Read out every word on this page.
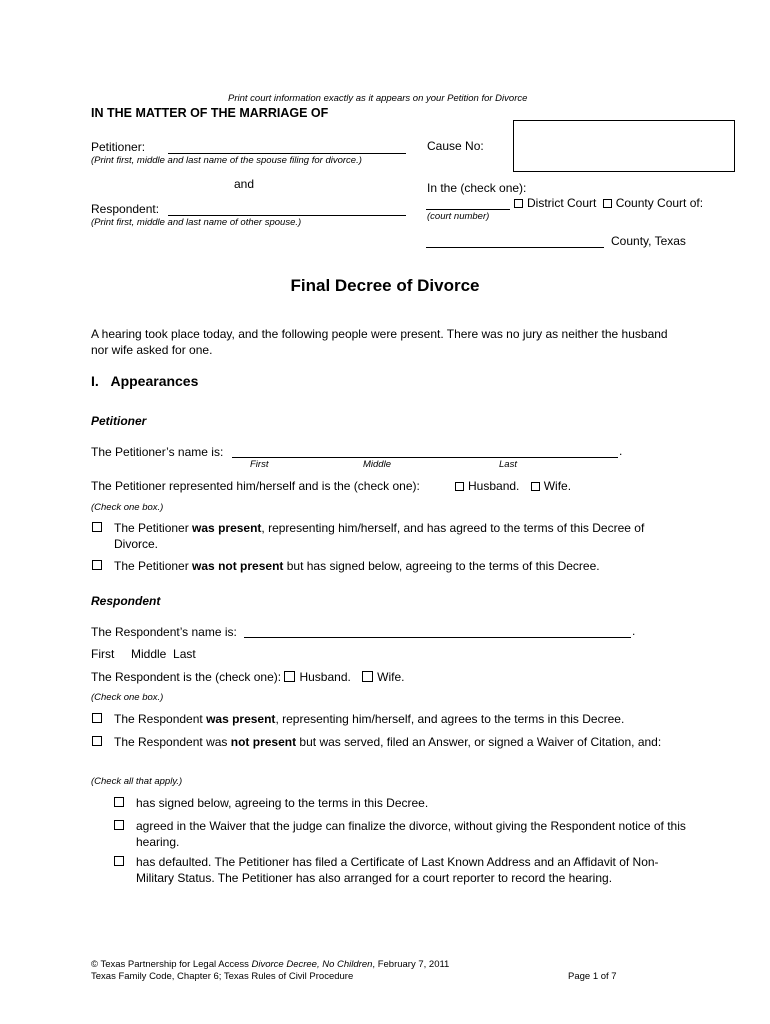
Print court information exactly as it appears on your Petition for Divorce
IN THE MATTER OF THE MARRIAGE OF
Petitioner:
(Print first, middle and last name of the spouse filing for divorce.)
and
Respondent:
(Print first, middle and last name of other spouse.)
Cause No:
In the (check one):
District Court County Court of:
(court number)
County, Texas
Final Decree of Divorce
A hearing took place today, and the following people were present. There was no jury as neither the husband nor wife asked for one.
I. Appearances
Petitioner
The Petitioner’s name is:	.
First	Middle	Last
The Petitioner represented him/herself and is the (check one):	Husband. Wife.
(Check one box.)
The Petitioner was present, representing him/herself, and has agreed to the terms of this Decree of Divorce.
The Petitioner was not present but has signed below, agreeing to the terms of this Decree.
Respondent
The Respondent’s name is:	.
First Middle Last
The Respondent is the (check one): Husband. Wife.
(Check one box.)
The Respondent was present, representing him/herself, and agrees to the terms in this Decree.
The Respondent was not present but was served, filed an Answer, or signed a Waiver of Citation, and:
(Check all that apply.)
has signed below, agreeing to the terms in this Decree.
agreed in the Waiver that the judge can finalize the divorce, without giving the Respondent notice of this hearing.
has defaulted. The Petitioner has filed a Certificate of Last Known Address and an Affidavit of Non-Military Status. The Petitioner has also arranged for a court reporter to record the hearing.
© Texas Partnership for Legal Access Divorce Decree, No Children, February 7, 2011
Texas Family Code, Chapter 6; Texas Rules of Civil Procedure	Page 1 of 7
